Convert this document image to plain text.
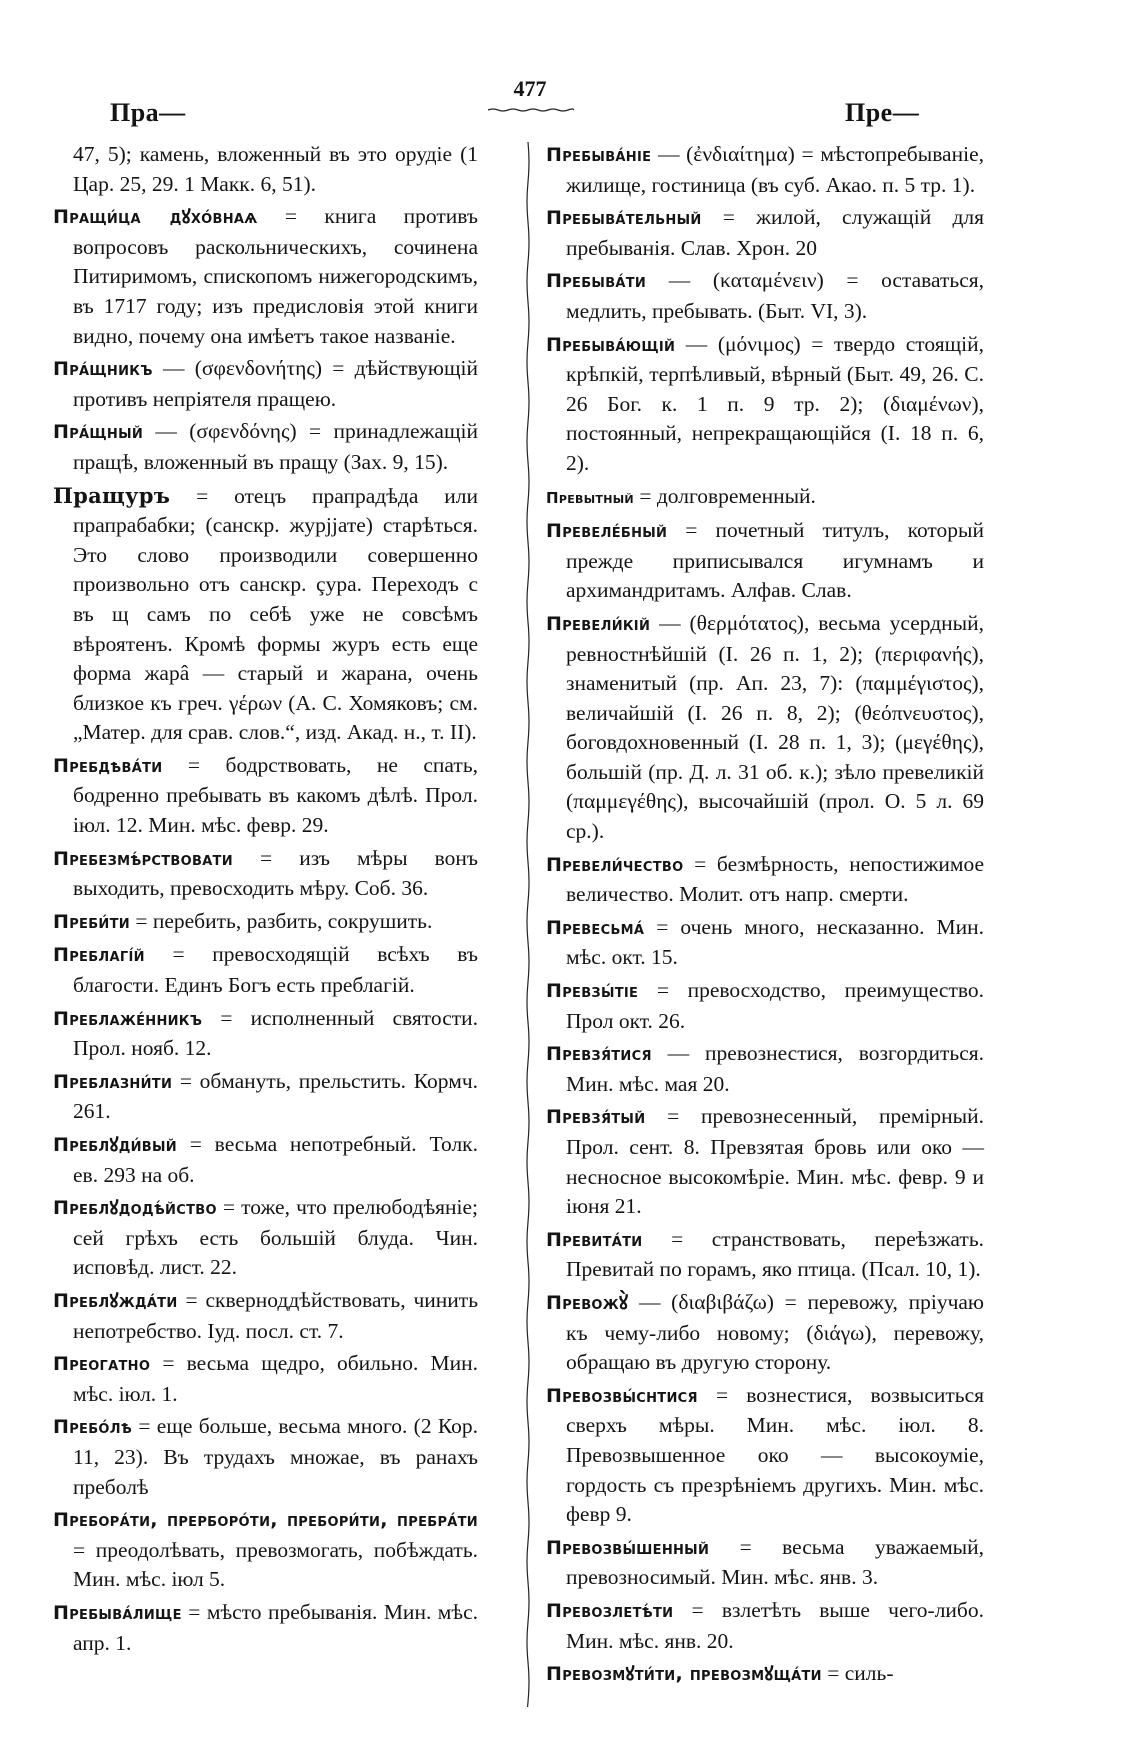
477
Пра—	Пре—

47, 5); камень, вложенный въ это орудіе (1 Цар. 25, 29. 1 Макк. 6, 51).

Пращи́ца дꙋхо́внаѧ = книга противъ вопросовъ раскольническихъ, сочинена Питиримомъ, спископомъ нижегородскимъ, въ 1717 году; изъ предисловія этой книги видно, почему она имѣетъ такое названіе.

Пра́щникъ — (σφενδονήτης) = дѣйствующій противъ непріятеля пращею.

Пра́щный — (σφενδόνης) = принадлежащій пращѣ, вложенный въ пращу (Зах. 9, 15).

Пращуръ = отецъ прапрадѣда или прапрабабки; (санскр. журјјате) старѣться. Это слово производили совершенно произвольно отъ санскр. çура. Переходъ с въ щ самъ по себѣ уже не совсѣмъ вѣроятенъ. Кромѣ формы журъ есть еще форма жарâ — старый и жарана, очень близкое къ греч. γέρων (А. С. Хомяковъ; см. „Матер. для срав. слов.“, изд. Акад. н., т. II).

Пребдѣва́ти = бодрствовать, не спать, бодренно пребывать въ какомъ дѣлѣ. Прол. іюл. 12. Мин. мѣс. февр. 29.

Пребезмѣ́рствовати = изъ мѣры вонъ выходить, превосходить мѣру. Соб. 36.

Преби́ти = перебить, разбить, сокрушить.

Преблагі́й = превосходящій всѣхъ въ благости. Единъ Богъ есть преблагій.

Преблаже́нникъ = исполненный святости. Прол. нояб. 12.

Преблазни́ти = обмануть, прельстить. Кормч. 261.

Преблꙋди́вый = весьма непотребный. Толк. ев. 293 на об.

Преблꙋдодѣ́йство = тоже, что прелюбодѣяніе; сей грѣхъ есть большій блуда. Чин. исповѣд. лист. 22.

Преблꙋжда́ти = скверноддѣйствовать, чинить непотребство. Іуд. посл. ст. 7.

Преогатно = весьма щедро, обильно. Мин. мѣс. іюл. 1.

Пребо́лѣ = еще больше, весьма много. (2 Кор. 11, 23). Въ трудахъ множае, въ ранахъ преболѣ

Пребора́ти, прерборо́ти, пребори́ти, пребра́ти = преодолѣвать, превозмогать, побѣждать. Мин. мѣс. іюл 5.

Пребыва́лище = мѣсто пребыванія. Мин. мѣс. апр. 1.

Пребыва́ніе — (ἐνδιαίτημα) = мѣстопребываніе, жилище, гостиница (въ суб. Акао. п. 5 тр. 1).

Пребыва́тельный = жилой, служащій для пребыванія. Слав. Хрон. 20

Пребыва́ти — (καταμένειν) = оставаться, медлить, пребывать. (Быт. VI, 3).

Пребыва́ющій — (μόνιμος) = твердо стоящій, крѣпкій, терпѣливый, вѣрный (Быт. 49, 26. С. 26 Бог. к. 1 п. 9 тр. 2); (διαμένων), постоянный, непрекращающійся (І. 18 п. 6, 2).

Превытный = долговременный.

Превеле́бный = почетный титулъ, который прежде приписывался игумнамъ и архимандритамъ. Алфав. Слав.

Превели́кій — (θερμότατος), весьма усердный, ревностнѣйшій (І. 26 п. 1, 2); (περιφανής), знаменитый (пр. Ап. 23, 7): (παμμέγιστος), величайшій (І. 26 п. 8, 2); (θεόπνευστος), боговдохновенный (І. 28 п. 1, 3); (μεγέθης), большій (пр. Д. л. 31 об. к.); зѣло превеликій (παμμεγέθης), высочайшій (прол. О. 5 л. 69 ср.).

Превели́чество = безмѣрность, непостижимое величество. Молит. отъ напр. смерти.

Превесьма́ = очень много, несказанно. Мин. мѣс. окт. 15.

Превзы́тіе = превосходство, преимущество. Прол окт. 26.

Превзя́тися — превознестися, возгордиться. Мин. мѣс. мая 20.

Превзя́тый = превознесенный, премірный. Прол. сент. 8. Превзятая бровь или око — несносное высокомѣріе. Мин. мѣс. февр. 9 и іюня 21.

Превита́ти = странствовать, переѣзжать. Превитай по горамъ, яко птица. (Псал. 10, 1).

Превожꙋ̀ — (διαβιβάζω) = перевожу, пріучаю къ чему-либо новому; (διάγω), перевожу, обращаю въ другую сторону.

Превозвы́снтися = вознестися, возвыситься сверхъ мѣры. Мин. мѣс. іюл. 8. Превозвышенное око — высокоуміе, гордость съ презрѣніемъ другихъ. Мин. мѣс. февр 9.

Превозвы́шенный = весьма уважаемый, превозносимый. Мин. мѣс. янв. 3.

Превозлетѣ́ти = взлетѣть выше чего-либо. Мин. мѣс. янв. 20.

Превозмꙋти́ти, превозмꙋща́ти = силь-
